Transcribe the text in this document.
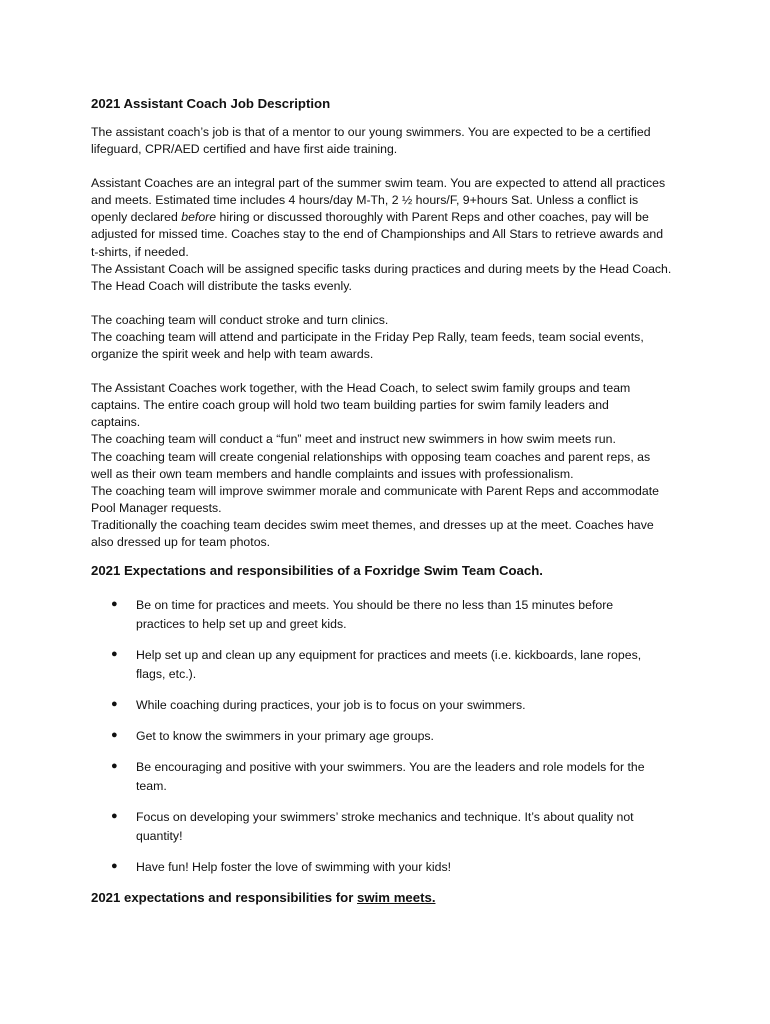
2021 Assistant Coach Job Description
The assistant coach’s job is that of a mentor to our young swimmers. You are expected to be a certified
lifeguard, CPR/AED certified and have first aide training.
Assistant Coaches are an integral part of the summer swim team. You are expected to attend all practices
and meets. Estimated time includes 4 hours/day M-Th, 2 ½ hours/F, 9+hours Sat. Unless a conflict is
openly declared before hiring or discussed thoroughly with Parent Reps and other coaches, pay will be
adjusted for missed time. Coaches stay to the end of Championships and All Stars to retrieve awards and
t-shirts, if needed.
The Assistant Coach will be assigned specific tasks during practices and during meets by the Head Coach.
The Head Coach will distribute the tasks evenly.
The coaching team will conduct stroke and turn clinics.
The coaching team will attend and participate in the Friday Pep Rally, team feeds, team social events,
organize the spirit week and help with team awards.
The Assistant Coaches work together, with the Head Coach, to select swim family groups and team
captains. The entire coach group will hold two team building parties for swim family leaders and
captains.
The coaching team will conduct a “fun” meet and instruct new swimmers in how swim meets run.
The coaching team will create congenial relationships with opposing team coaches and parent reps, as
well as their own team members and handle complaints and issues with professionalism.
The coaching team will improve swimmer morale and communicate with Parent Reps and accommodate
Pool Manager requests.
Traditionally the coaching team decides swim meet themes, and dresses up at the meet. Coaches have
also dressed up for team photos.
2021 Expectations and responsibilities of a Foxridge Swim Team Coach.
● Be on time for practices and meets. You should be there no less than 15 minutes before
practices to help set up and greet kids.
● Help set up and clean up any equipment for practices and meets (i.e. kickboards, lane ropes,
flags, etc.).
● While coaching during practices, your job is to focus on your swimmers.
● Get to know the swimmers in your primary age groups.
● Be encouraging and positive with your swimmers. You are the leaders and role models for the
team.
● Focus on developing your swimmers’ stroke mechanics and technique. It’s about quality not
quantity!
● Have fun! Help foster the love of swimming with your kids!
2021 expectations and responsibilities for swim meets.
